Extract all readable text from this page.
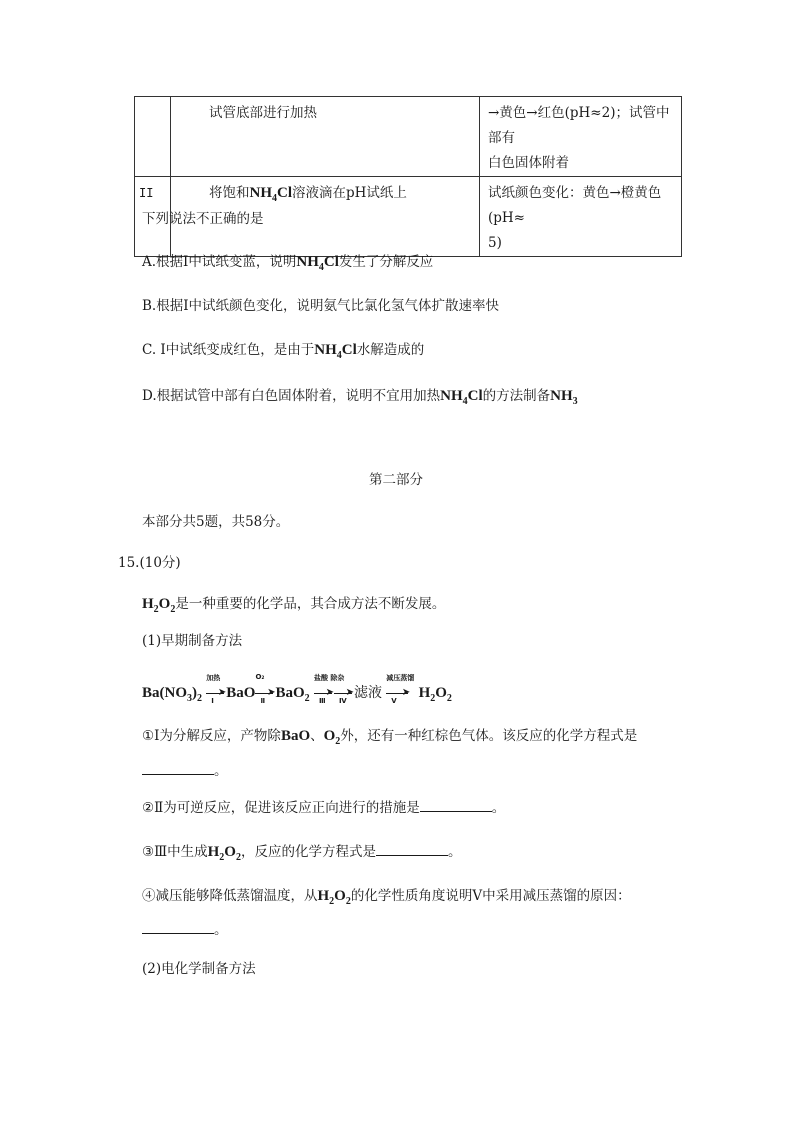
	试管底部进行加热	→黄色→红色(pH≈2)；试管中部有
白色固体附着

II	将饱和$NH_4Cl$溶液滴在pH试纸上	试纸颜色变化：黄色→橙黄色(pH≈
5)
下列说法不正确的是
A.根据Ⅰ中试纸变蓝，说明$NH_4Cl$发生了分解反应
B.根据Ⅰ中试纸颜色变化，说明氨气比氯化氢气体扩散速率快
C. Ⅰ中试纸变成红色，是由于$NH_4Cl$水解造成的
D.根据试管中部有白色固体附着，说明不宜用加热$NH_4Cl$的方法制备$NH_3$
第二部分
本部分共5题，共58分。
15.(10分)
$H_2O_2$是一种重要的化学品，其合成方法不断发展。
(1)早期制备方法
$Ba(NO_3)_2$
加热
➤
Ⅰ BaO
O₂
➤
Ⅱ BaO$_2$
盐酸 除杂
➤
Ⅲ
➤
Ⅳ 滤液
减压蒸馏
➤
Ⅴ $H_2O_2$
①Ⅰ为分解反应，产物除BaO、$O_2$外，还有一种红棕色气体。该反应的化学方程式是
。
②Ⅱ为可逆反应，促进该反应正向进行的措施是	。
③Ⅲ中生成$H_2O_2$，反应的化学方程式是	。
④减压能够降低蒸馏温度，从$H_2O_2$的化学性质角度说明Ⅴ中采用减压蒸馏的原因：
。
(2)电化学制备方法
